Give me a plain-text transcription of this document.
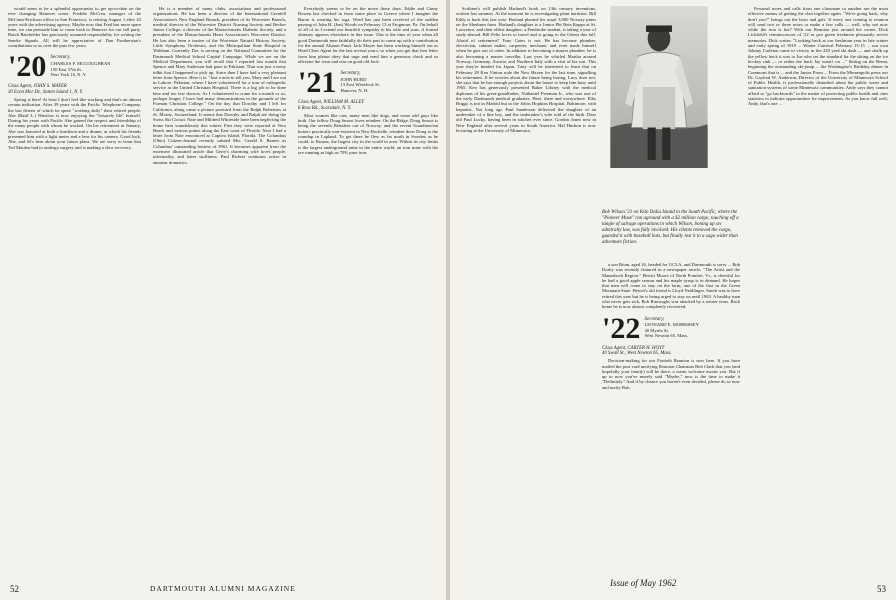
would seem to be a splendid opportunity to get up-to-date on the ever changing Hanover scene. Freddie McCrea, manager of the McCann-Erickson office in San Francisco, is retiring August 1 after 42 years with the advertising agency. Maybe now that Fred has more spare time, we can persuade him to come back to Hanover for our fall party. Butch Batchelder has graciously assumed responsibility for writing the Smoke Signals. All will be appreciative of Dan Featherston's contributions to us over the past few years.

'20 Secretary,
CHARLES F. MCGOUGHRAN
150 East 37th St.
New York 16, N. Y.
Class Agent, JOHN S. MAYER
30 Evon Mor Dr., Staten Island 1, N. Y.

Spring is here! At least I don't feel like working and that's an almost certain indication. After 39 years with the Pacific Telephone Company, the last fifteen of which he spent "working daily" their retired people, Abe (Basil L.) Winslow is now enjoying the "leisurely life" himself. During his years with Pacific Abe gained the respect and friendship of the many people with whom he worked. On his retirement in January, Abe was honored at both a luncheon and a dinner, at which his friends presented him with a light meter and a lens for his camera. Good luck, Abe, and let's hear about your future plans. We are sorry to learn that Ted Marden had to undergo surgery and is making a slow recovery.

He is a member of many clubs, associations and professional organizations. He has been a director of the International Grenfell Association's New England Branch, president of its Worcester Branch, medical director of the Worcester District Nursing Society and Becker Junior College, a director of the Massachusetts Diabetic Society, and a president of the Massachusetts Heart Association's Worcester District. He has also been a trustee of the Worcester Natural History Society, Little Symphony Orchestra, and the Metropolitan State Hospital in Waltham. Currently Doc is serving on the National Committee for the Dartmouth Medical School Capital Campaign. While we are on the Medical Department, you will recall that I reported last month that Spence and Mary Anderson had gone to Pakistan. That was just a teeny tidbit that I happened to pick up. Since then I have had a very pleasant letter from Spence. Here it is: "Just a note to tell you, Mary and I are out in Lahore, Pakistan, where I have volunteered for a tour of orthopedic service at the United Christian Hospital. There is a big job to be done here and too few doctors. As I volunteered to come for a month or so, perhaps longer, I have had many demonstrations in the grounds of the Forman Christian College." On the day that Dorothy and I left for California, along came a picture postcard from the Ralph Robertses at St. Moritz, Switzerland. It seems that Dorothy and Ralph are doing the Swiss Ski Circuit. Nate and Mildred Whiteside have been neglecting the home fires scandalously this winter. First they were reported at Vero Beach and various points along the East coast of Florida. Next I had a letter from Nate ensconced at Captiva Island, Florida. The Columbus (Ohio) Citizen-Journal recently saluted Mrs. Gerald S. Barnes as Columbus' outstanding hostess of 1961. It becomes apparent from the extensive illustrated article that Gerry's charming wife loves people, informality, and hates stuffiness. Paul Richter continues active in amateur dramatics.

Everybody seems to be on the move these days. Eddie and Ginny Bowen last checked in from some place in Greece where I imagine the Baron is wearing his toga. Word has just been received of the sudden passing of John H. (Jon) Woods on February 13 at Frogmore, Pa. On behalf of all of us I extend our heartfelt sympathy to his wife and sons. A formal obituary appears elsewhere in this issue. This is the time of year when all good Dartmouth men faithfully do their part to come up with a contribution for the annual Alumni Fund. Jack Mayer has been working himself out as Head Class Agent for the last several years, so when you get that first letter from him please obey that urge and send him a generous check and so alleviate the wear and tear on good old Jack.

'21 Secretary,
JOHN HURD
13 East Wheelock St.
Hanover, N. H.
Class Agent, WILLIAM M. ALLEY
6 Ross Rd., Scarsdale, N. Y.

Most women like cats, many men like dogs, and some odd guys like both. Our fellow Doug Smoot loves reindeer. On the Ridge, Doug Smoot is being the seventh Reindeer out of Norway, and the recent Scandinavian honors practically non-existent in New Rochelle, reindeer drew Doug to the roundup in Lapland. To get there he flew as far north in Sweden as he could, to Kiruna, the largest city in the world in area. Within its city limits is the largest underground mine in the entire world, an iron mine with the ore running as high as 70% pure iron.

52	DARTMOUTH ALUMNI MAGAZINE

Scribner's will publish Harland's book on 13th century inventions, written last summer. At the moment he is investigating plant nutrition. Bill Eddy is back this last year. Harland planted his usual 3,000 Norway pines on the Sherburn farm. Harland's daughter is a Junior Phi Beta Kappa at St. Lawrence, and their eldest daughter, a Pembroke student, is taking a year of study abroad. Bill Peltz loves to travel and is going to the Orient this fall. Afraid of retirement? Tony Gates is not. He has become plumber, electrician, cabinet maker, carpenter, mechanic and even made himself when he gets out of order. In addition to becoming a master plumber, he is also becoming a master traveller. Last year he whirled Martha around Norway, Germany, Austria, and Northern Italy with a visit of his son. This year they're headed for Japan. Tony will be interested to learn that on February 28 Ken Vinton rode the New Haven for the last time, signalling his retirement. If he worries about the future being boring, Lucy does not; she says that he has enough projects about the house to keep him busy until 1965. Ken has generously presented Baker Library with the medical diplomas of his great-grandfather, Nathaniel Freeman Jr., who was one of the early Dartmouth medical graduates. Here, there and everywhere: Ellis Briggs is not in Madrid but in the Johns Hopkins Hospital, Baltimore, with hepatitis. Not long ago Paul Sanderson delivered the daughter of an undertaker of a fine boy, and the undertaker's wife told of the birth. Dear old Paul Lucky, having been in stitches ever since. Gordon Jones now in New England after several years in South America. Hal Hudson is now lecturing at the University of Minnesota.

Bob Wilson '21 on Kito Dalia Island in the South Pacific, where the "Pioneer Muse" ran aground with a $2 million cargo, touching off a tangle of salvage operations in which Wilson, boning up on admiralty law, was fully involved. His clients removed the cargo, guarded it with baseball bats, but finally lost it to a saga wider than adventure fiction.

a son Brian, aged 16, headed for UCLA, and Dartmouth is sorry ... Bob Dorby was recently featured in a newspaper article, "The Artist and the Manashock Region." Hewitt Moore of North Pomfret, Vt., is cheerful for he had a good apple season and his maple syrup is in demand. He hopes that men will come to stay on the farm, one of the first in the Green Mountain State. Hewitt's old friend is Lloyd Neidlinger. Smith was to have retired this year but he is being urged to stay on until 1963. A healthy man who never gets sick, Bob Burroughs was attacked by a winter virus. Back home he is now almost completely recovered.

'22 Secretary,
LEONARD E. MORRISSEY
40 Myrtle St.
West Newton 65, Mass.
Class Agent, CARTER H. HOYT
40 Swall St., West Newton 65, Mass.

Decision-making for our Fortieth Reunion is now here. If you have mailed the post card notifying Reunion Chairman Bob Clark that you (and hopefully your family) will be there, a warm welcome awaits you. But if up to now you've merely said "Maybe," now is the time to make it "Definitely." And if by chance you haven't even decided, please do so now and notify Bob.

Personal notes and calls from one classmate to another are the most effective means of getting the clan together again. "We're going back, why don't you?" brings out the boys and gals. If every one coming to reunion will send two or three notes or make a few calls — well, why not now while the iron is hot? With our Reunion just around the corner, Dick Lichfield's reminiscences of '22 as pea green freshmen pleasantly revive memories. Dick writes: "Looking back at our freshman year in late winter and early spring of 1919 ... Winter Carnival February 13-15 ... our own Johnny Carleton came to victory in the 220 yard ski dash — and chalk up the yellow buck it was to Joe who set the standard for the skiing on the ice hockey rink — or rather the buck Jay wasn't on ..." Sitting on the Bema, beginning the outstanding ski-jump ... the Washington's Birthday dinner in Commons that is ... and the Junior Prom ... From the Minneapolis press our Dr. Gaylord W. Anderson, Director of the University of Minnesota School of Public Health, is professionally disturbed about the public water and sanitation systems of some Minnesota communities. Andy says they cannot afford to "go backwards" in the matter of protecting public health and cites statistics to indicate opportunities for improvement. As you know full well, Andy, that's one ...

Issue of May 1962
53
